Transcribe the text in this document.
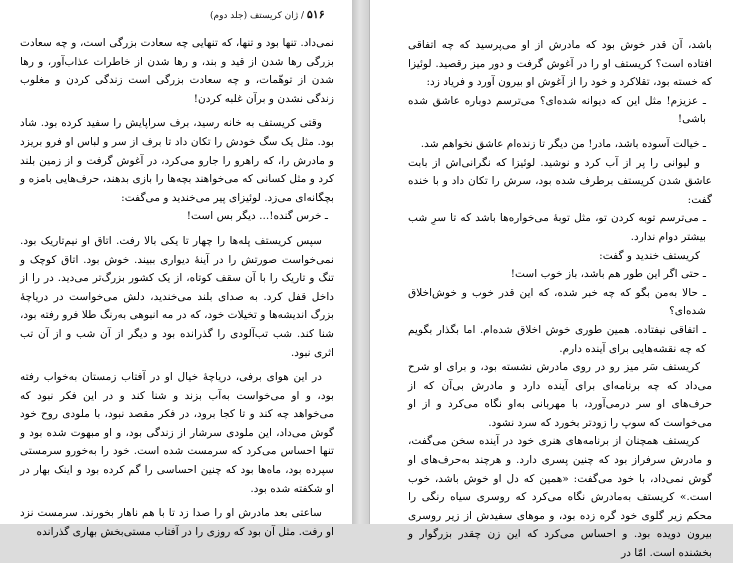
۵۱۶ / ژان کریستف (جلد دوم)

نمی‌داد. تنها بود و تنها، که تنهایی چه سعادت بزرگی است، و چه سعادت بزرگی رها شدن از قید و بند، و رها شدن از خاطرات عذاب‌آور، و رها شدن از توهّمات، و چه سعادت بزرگی است زندگی کردن و مغلوب زندگی نشدن و برآن غلبه کردن!

وقتی کریستف به خانه رسید، برف سراپایش را سفید کرده بود. شاد بود. مثل یک سگ خودش را تکان داد تا برف از سر و لباس او فرو بریزد و مادرش را، که راهرو را جارو می‌کرد، در آغوش گرفت و از زمین بلند کرد و مثل کسانی که می‌خواهند بچه‌ها را بازی بدهند، حرف‌هایی بامزه و بچگانه‌ای می‌زد. لوئیزای پیر می‌خندید و می‌گفت:

ـ خرس گنده!... دیگر بس است!

سپس کریستف پله‌ها را چهار تا یکی بالا رفت. اتاق او نیم‌تاریک بود. نمی‌خواست صورتش را در آینهٔ دیواری ببیند. خوش بود. اتاق کوچک و تنگ و تاریک را با آن سقف کوتاه، از یک کشور بزرگ‌تر می‌دید. در را از داخل قفل کرد. به صدای بلند می‌خندید، دلش می‌خواست در دریاچهٔ بزرگ اندیشه‌ها و تخیلات خود، که در مه انبوهی به‌رنگ طلا فرو رفته بود، شنا کند. شب تب‌آلودی را گذرانده بود و دیگر از آن شب و از آن تب اثری نبود.

در این هوای برفی، دریاچهٔ خیال او در آفتاب زمستان به‌خواب رفته بود، و او می‌خواست به‌آب بزند و شنا کند و در این فکر نبود که می‌خواهد چه کند و تا کجا برود، در فکر مقصد نبود، با ملودی روح خود گوش می‌داد، این ملودی سرشار از زندگی بود، و او مبهوت شده بود و تنها احساس می‌کرد که سرمست شده است. خود را به‌خورو سرمستی سپرده بود، ماه‌ها بود که چنین احساسی را گم کرده بود و اینک بهار در او شکفته شده بود.

ساعتی بعد مادرش او را صدا زد تا با هم ناهار بخورند. سرمست نزد او رفت. مثل آن بود که روزی را در آفتاب مستی‌بخش بهاری گذرانده

باشد، آن قدر خوش بود که مادرش از او می‌پرسید که چه اتفاقی افتاده است؟ کریستف او را در آغوش گرفت و دور میز رقصید. لوئیزا که خسته بود، تقلاکرد و خود را از آغوش او بیرون آورد و فریاد زد:

ـ عزیزم! مثل این که دیوانه شده‌ای؟ می‌ترسم دوباره عاشق شده باشی!

ـ خیالت آسوده باشد، مادر! من دیگر تا زنده‌ام عاشق نخواهم شد.

و لیوانی را پر از آب کرد و نوشید. لوئیزا که نگرانی‌اش از بابت عاشق شدن کریستف برطرف شده بود، سرش را تکان داد و با خنده گفت:

ـ می‌ترسم توبه کردن تو، مثل توبهٔ می‌خواره‌ها باشد که تا سرِ شب بیشتر دوام ندارد.

کریستف خندید و گفت:

ـ حتی اگر این طور هم باشد، باز خوب است!

ـ حالا به‌من بگو که چه خبر شده، که این قدر خوب و خوش‌اخلاق شده‌ای؟

ـ اتفاقی نیفتاده. همین طوری خوش اخلاق شده‌ام. اما بگذار بگویم که چه نقشه‌هایی برای آینده دارم.

کریستف سَر میز رو در روی مادرش نشسته بود، و برای او شرح می‌داد که چه برنامه‌ای برای آینده دارد و مادرش بی‌آن که از حرف‌های او سر درمی‌آورد، با مهربانی به‌او نگاه می‌کرد و از او می‌خواست که سوپ را زودتر بخورد که سرد نشود.

کریستف همچنان از برنامه‌های هنری خود در آینده سخن می‌گفت، و مادرش سرفراز بود که چنین پسری دارد. و هرچند به‌حرف‌های او گوش نمی‌داد، با خود می‌گفت: «همین که دل او خوش باشد، خوب است.» کریستف به‌مادرش نگاه می‌کرد که روسری سیاه رنگی را محکم زیر گلوی خود گره زده بود، و موهای سفیدش از زیر روسری بیرون دویده بود. و احساس می‌کرد که این زن چقدر بزرگوار و بخشنده است. امّا در
